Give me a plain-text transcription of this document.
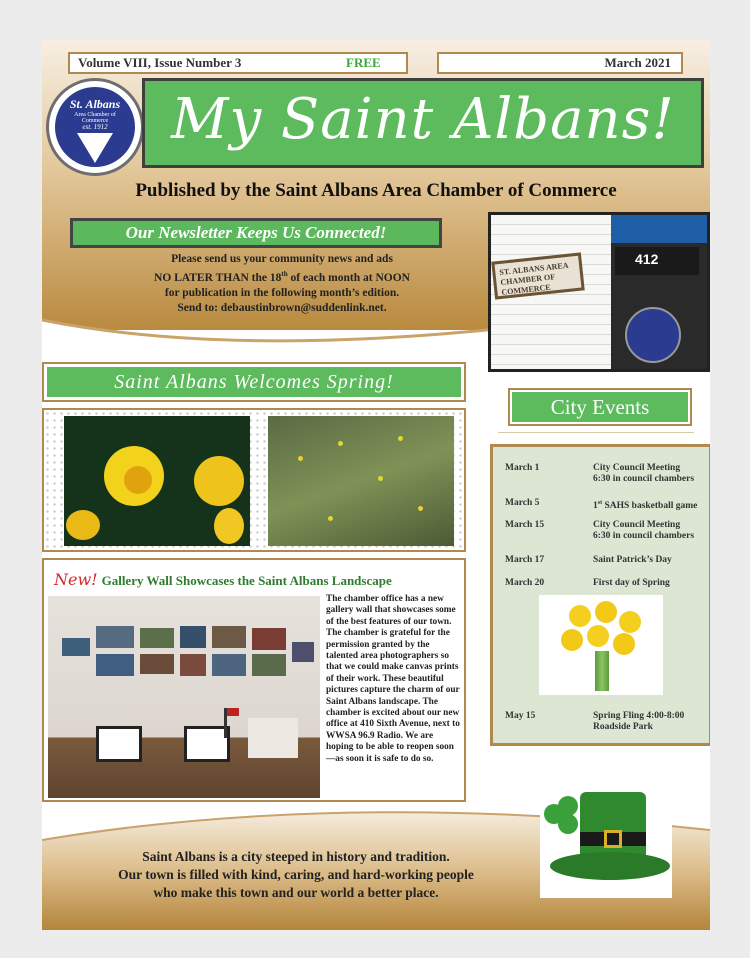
Volume VIII, Issue Number 3	FREE	March 2021
St. Albans
Area Chamber of Commerce
est. 1912	My Saint Albans!
Published by the Saint Albans Area Chamber of Commerce
Our Newsletter Keeps Us Connected!
Please send us your community news and ads
NO LATER THAN the 18th of each month at NOON
for publication in the following month’s edition.
Send to: debaustinbrown@suddenlink.net.
412
ST. ALBANS AREA CHAMBER OF COMMERCE
Saint Albans Welcomes Spring!
New! Gallery Wall Showcases the Saint Albans Landscape
The chamber office has a new gallery wall that showcases some of the best features of our town. The chamber is grateful for the permission granted by the talented area photographers so that we could make canvas prints of their work. These beautiful pictures capture the charm of our Saint Albans landscape. The chamber is excited about our new office at 410 Sixth Avenue, next to WWSA 96.9 Radio. We are hoping to be able to reopen soon—as soon it is safe to do so.
City Events
March 1	City Council Meeting
6:30 in council chambers
March 5	1st SAHS basketball game
March 15	City Council Meeting
6:30 in council chambers
March 17	Saint Patrick’s Day
March 20	First day of Spring
May 15	Spring Fling 4:00-8:00
Roadside Park
Saint Albans is a city steeped in history and tradition.
Our town is filled with kind, caring, and hard-working people
who make this town and our world a better place.
